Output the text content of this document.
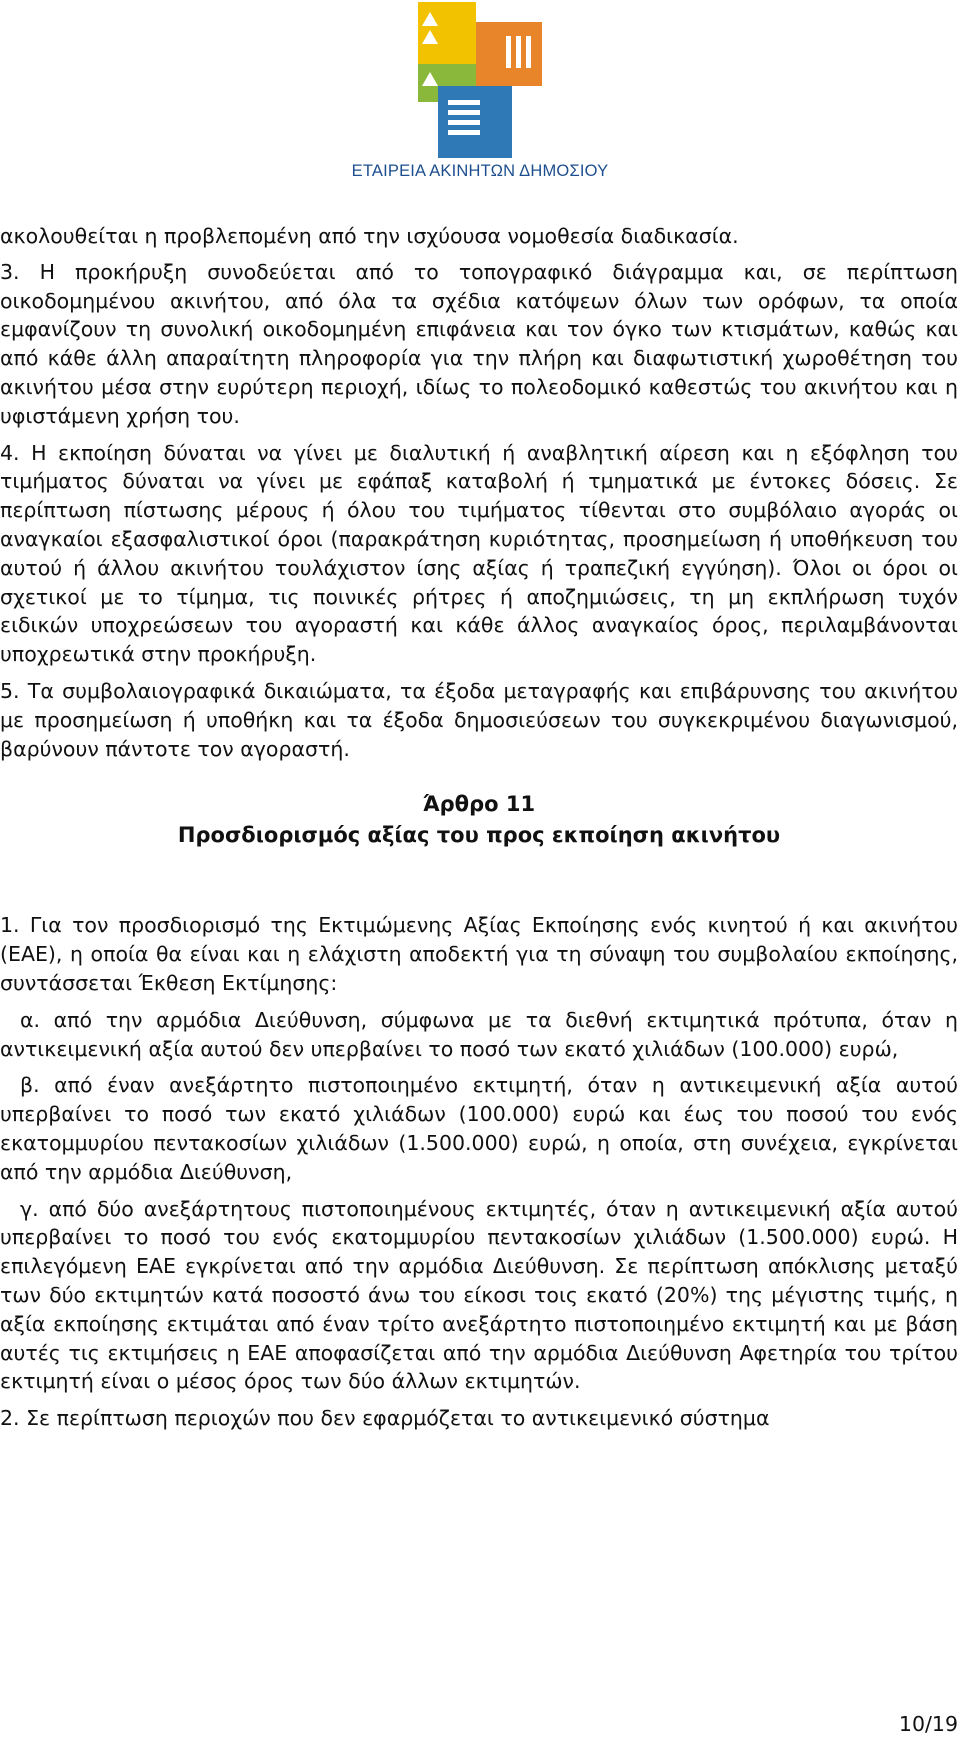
ΕΤΑΙΡΕΙΑ ΑΚΙΝΗΤΩΝ ΔΗΜΟΣΙΟΥ

ακολουθείται η προβλεπομένη από την ισχύουσα νομοθεσία διαδικασία.

3. Η προκήρυξη συνοδεύεται από το τοπογραφικό διάγραμμα και, σε περίπτωση οικοδομημένου ακινήτου, από όλα τα σχέδια κατόψεων όλων των ορόφων, τα οποία εμφανίζουν τη συνολική οικοδομημένη επιφάνεια και τον όγκο των κτισμάτων, καθώς και από κάθε άλλη απαραίτητη πληροφορία για την πλήρη και διαφωτιστική χωροθέτηση του ακινήτου μέσα στην ευρύτερη περιοχή, ιδίως το πολεοδομικό καθεστώς του ακινήτου και η υφιστάμενη χρήση του.

4. Η εκποίηση δύναται να γίνει με διαλυτική ή αναβλητική αίρεση και η εξόφληση του τιμήματος δύναται να γίνει με εφάπαξ καταβολή ή τμηματικά με έντοκες δόσεις. Σε περίπτωση πίστωσης μέρους ή όλου του τιμήματος τίθενται στο συμβόλαιο αγοράς οι αναγκαίοι εξασφαλιστικοί όροι (παρακράτηση κυριότητας, προσημείωση ή υποθήκευση του αυτού ή άλλου ακινήτου τουλάχιστον ίσης αξίας ή τραπεζική εγγύηση). Όλοι οι όροι οι σχετικοί με το τίμημα, τις ποινικές ρήτρες ή αποζημιώσεις, τη μη εκπλήρωση τυχόν ειδικών υποχρεώσεων του αγοραστή και κάθε άλλος αναγκαίος όρος, περιλαμβάνονται υποχρεωτικά στην προκήρυξη.

5. Τα συμβολαιογραφικά δικαιώματα, τα έξοδα μεταγραφής και επιβάρυνσης του ακινήτου με προσημείωση ή υποθήκη και τα έξοδα δημοσιεύσεων του συγκεκριμένου διαγωνισμού, βαρύνουν πάντοτε τον αγοραστή.

Άρθρο 11
Προσδιορισμός αξίας του προς εκποίηση ακινήτου

1. Για τον προσδιορισμό της Εκτιμώμενης Αξίας Εκποίησης ενός κινητού ή και ακινήτου (ΕΑΕ), η οποία θα είναι και η ελάχιστη αποδεκτή για τη σύναψη του συμβολαίου εκποίησης, συντάσσεται Έκθεση Εκτίμησης:

α. από την αρμόδια Διεύθυνση, σύμφωνα με τα διεθνή εκτιμητικά πρότυπα, όταν η αντικειμενική αξία αυτού δεν υπερβαίνει το ποσό των εκατό χιλιάδων (100.000) ευρώ,

β. από έναν ανεξάρτητο πιστοποιημένο εκτιμητή, όταν η αντικειμενική αξία αυτού υπερβαίνει το ποσό των εκατό χιλιάδων (100.000) ευρώ και έως του ποσού του ενός εκατομμυρίου πεντακοσίων χιλιάδων (1.500.000) ευρώ, η οποία, στη συνέχεια, εγκρίνεται από την αρμόδια Διεύθυνση,

γ. από δύο ανεξάρτητους πιστοποιημένους εκτιμητές, όταν η αντικειμενική αξία αυτού υπερβαίνει το ποσό του ενός εκατομμυρίου πεντακοσίων χιλιάδων (1.500.000) ευρώ. Η επιλεγόμενη ΕΑΕ εγκρίνεται από την αρμόδια Διεύθυνση. Σε περίπτωση απόκλισης μεταξύ των δύο εκτιμητών κατά ποσοστό άνω του είκοσι τοις εκατό (20%) της μέγιστης τιμής, η αξία εκποίησης εκτιμάται από έναν τρίτο ανεξάρτητο πιστοποιημένο εκτιμητή και με βάση αυτές τις εκτιμήσεις η ΕΑΕ αποφασίζεται από την αρμόδια Διεύθυνση Αφετηρία του τρίτου εκτιμητή είναι ο μέσος όρος των δύο άλλων εκτιμητών.

2. Σε περίπτωση περιοχών που δεν εφαρμόζεται το αντικειμενικό σύστημα

10/19
